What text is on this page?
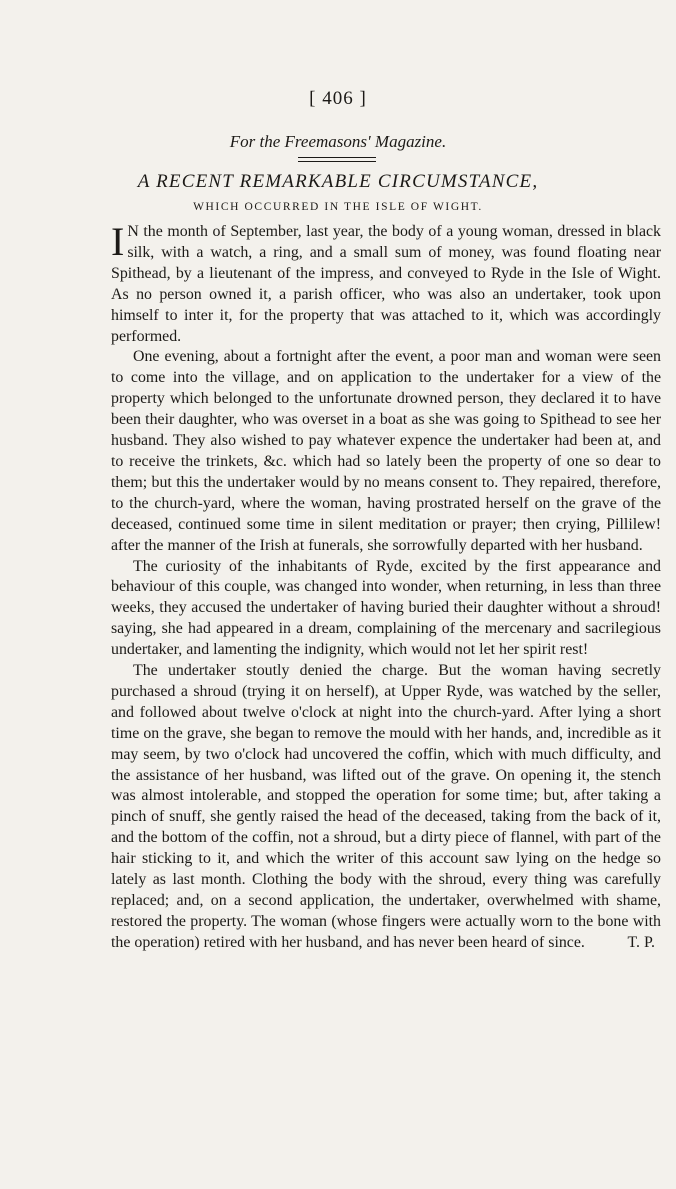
[ 406 ]
For the Freemasons' Magazine.
A RECENT REMARKABLE CIRCUMSTANCE,
WHICH OCCURRED IN THE ISLE OF WIGHT.

I N the month of September, last year, the body of a young woman, dressed in black silk, with a watch, a ring, and a small sum of money, was found floating near Spithead, by a lieutenant of the impress, and conveyed to Ryde in the Isle of Wight. As no person owned it, a parish officer, who was also an undertaker, took upon himself to inter it, for the property that was attached to it, which was accordingly performed.

One evening, about a fortnight after the event, a poor man and woman were seen to come into the village, and on application to the undertaker for a view of the property which belonged to the unfortunate drowned person, they declared it to have been their daughter, who was overset in a boat as she was going to Spithead to see her husband. They also wished to pay whatever expence the undertaker had been at, and to receive the trinkets, &c. which had so lately been the property of one so dear to them; but this the undertaker would by no means consent to. They repaired, therefore, to the church-yard, where the woman, having prostrated herself on the grave of the deceased, continued some time in silent meditation or prayer; then crying, Pillilew! after the manner of the Irish at funerals, she sorrowfully departed with her husband.

The curiosity of the inhabitants of Ryde, excited by the first appearance and behaviour of this couple, was changed into wonder, when returning, in less than three weeks, they accused the undertaker of having buried their daughter without a shroud! saying, she had appeared in a dream, complaining of the mercenary and sacrilegious undertaker, and lamenting the indignity, which would not let her spirit rest!

The undertaker stoutly denied the charge. But the woman having secretly purchased a shroud (trying it on herself), at Upper Ryde, was watched by the seller, and followed about twelve o'clock at night into the church-yard. After lying a short time on the grave, she began to remove the mould with her hands, and, incredible as it may seem, by two o'clock had uncovered the coffin, which with much difficulty, and the assistance of her husband, was lifted out of the grave. On opening it, the stench was almost intolerable, and stopped the operation for some time; but, after taking a pinch of snuff, she gently raised the head of the deceased, taking from the back of it, and the bottom of the coffin, not a shroud, but a dirty piece of flannel, with part of the hair sticking to it, and which the writer of this account saw lying on the hedge so lately as last month. Clothing the body with the shroud, every thing was carefully replaced; and, on a second application, the undertaker, overwhelmed with shame, restored the property. The woman (whose fingers were actually worn to the bone with the operation) retired with her husband, and has never been heard of since.	T. P.
